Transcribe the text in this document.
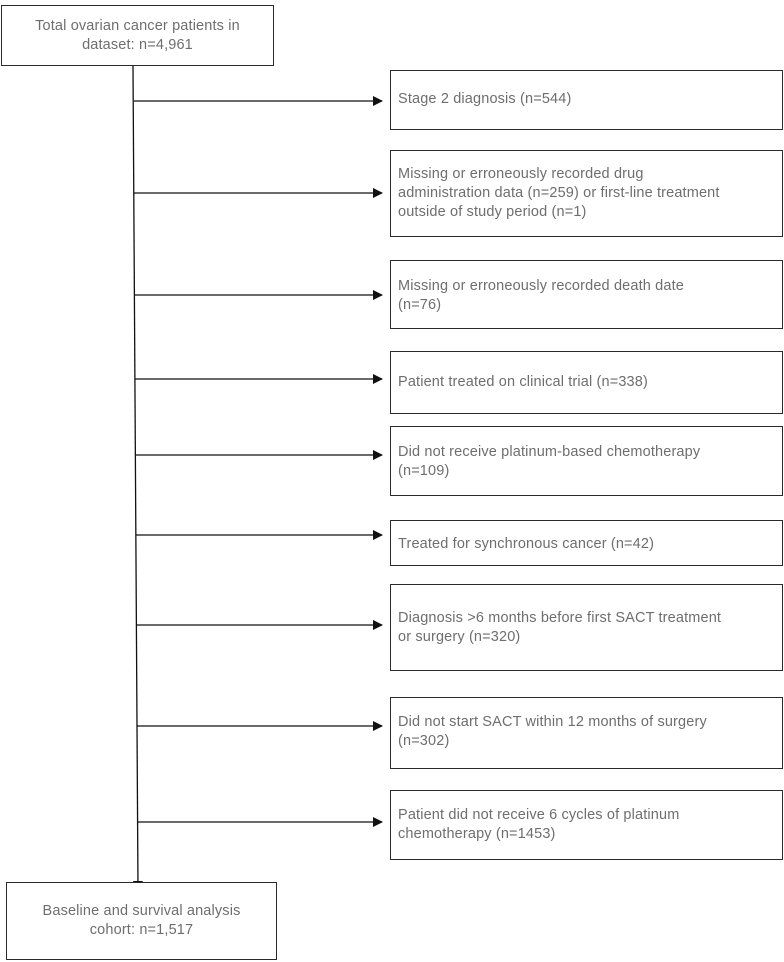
Total ovarian cancer patients in
dataset: n=4,961
Stage 2 diagnosis (n=544)
Missing or erroneously recorded drug
administration data (n=259) or first-line treatment
outside of study period (n=1)
Missing or erroneously recorded death date
(n=76)
Patient treated on clinical trial (n=338)
Did not receive platinum-based chemotherapy
(n=109)
Treated for synchronous cancer (n=42)
Diagnosis >6 months before first SACT treatment
or surgery (n=320)
Did not start SACT within 12 months of surgery
(n=302)
Patient did not receive 6 cycles of platinum
chemotherapy (n=1453)
Baseline and survival analysis
cohort: n=1,517
